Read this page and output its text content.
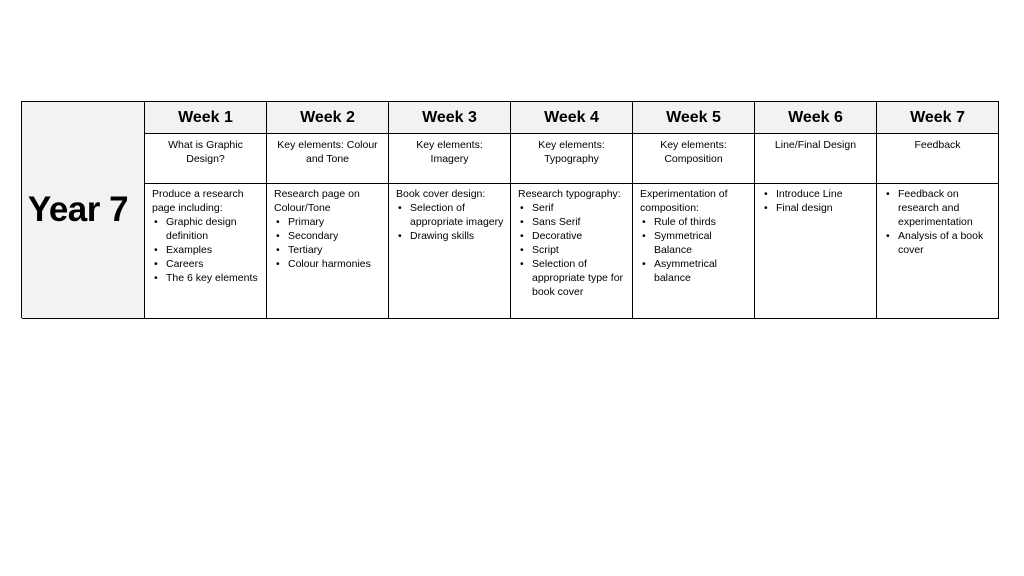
Year 7
Week 1
What is Graphic Design?
Produce a research page including:
• Graphic design definition
• Examples
• Careers
• The 6 key elements
Week 2
Key elements: Colour and Tone
Research page on Colour/Tone
• Primary
• Secondary
• Tertiary
• Colour harmonies
Week 3
Key elements: Imagery
Book cover design:
• Selection of appropriate imagery
• Drawing skills
Week 4
Key elements: Typography
Research typography:
• Serif
• Sans Serif
• Decorative
• Script
• Selection of appropriate type for book cover
Week 5
Key elements: Composition
Experimentation of composition:
• Rule of thirds
• Symmetrical Balance
• Asymmetrical balance
Week 6
Line/Final Design
• Introduce Line
• Final design
Week 7
Feedback
• Feedback on research and experimentation
• Analysis of a book cover
